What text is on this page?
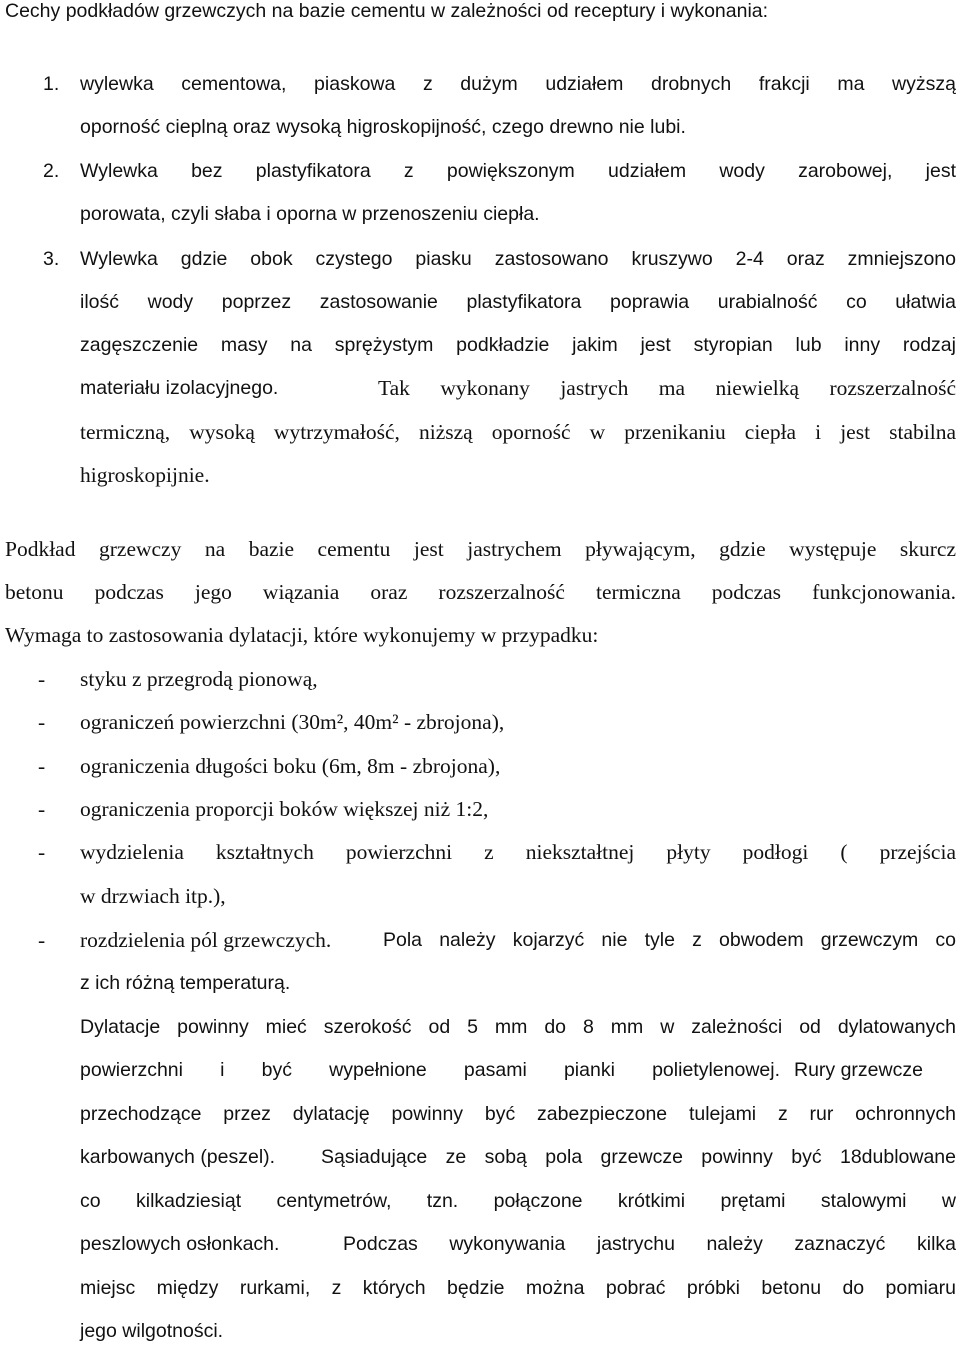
Cechy podkładów grzewczych na bazie cementu w zależności od receptury i wykonania:
1. wylewka cementowa, piaskowa z dużym udziałem drobnych frakcji ma wyższą
oporność cieplną oraz wysoką higroskopijność, czego drewno nie lubi.
2. Wylewka bez plastyfikatora z powiększonym udziałem wody zarobowej, jest
porowata, czyli słaba i oporna w przenoszeniu ciepła.
3. Wylewka gdzie obok czystego piasku zastosowano kruszywo 2-4 oraz zmniejszono
ilość wody poprzez zastosowanie plastyfikatora poprawia urabialność co ułatwia
zagęszczenie masy na sprężystym podkładzie jakim jest styropian lub inny rodzaj
materiału izolacyjnego.	Tak wykonany jastrych ma niewielką rozszerzalność
termiczną, wysoką wytrzymałość, niższą oporność w przenikaniu ciepła i jest stabilna
higroskopijnie.
Podkład grzewczy na bazie cementu jest jastrychem pływającym, gdzie występuje skurcz
betonu podczas jego wiązania oraz rozszerzalność termiczna podczas funkcjonowania.
Wymaga to zastosowania dylatacji, które wykonujemy w przypadku:
- styku z przegrodą pionową,
- ograniczeń powierzchni (30m², 40m² - zbrojona),
- ograniczenia długości boku (6m, 8m - zbrojona),
- ograniczenia proporcji boków większej niż 1:2,
- wydzielenia kształtnych powierzchni z niekształtnej płyty podłogi ( przejścia
w drzwiach itp.),
- rozdzielenia pól grzewczych.	Pola należy kojarzyć nie tyle z obwodem grzewczym co
z ich różną temperaturą.
Dylatacje powinny mieć szerokość od 5 mm do 8 mm w zależności od dylatowanych
powierzchni i być wypełnione pasami pianki polietylenowej. Rury grzewcze
przechodzące przez dylatację powinny być zabezpieczone tulejami z rur ochronnych
karbowanych (peszel). Sąsiadujące ze sobą pola grzewcze powinny być 18dublowane
co kilkadziesiąt centymetrów, tzn. połączone krótkimi prętami stalowymi w
peszlowych osłonkach.	Podczas wykonywania jastrychu należy zaznaczyć kilka
miejsc między rurkami, z których będzie można pobrać próbki betonu do pomiaru
jego wilgotności.
